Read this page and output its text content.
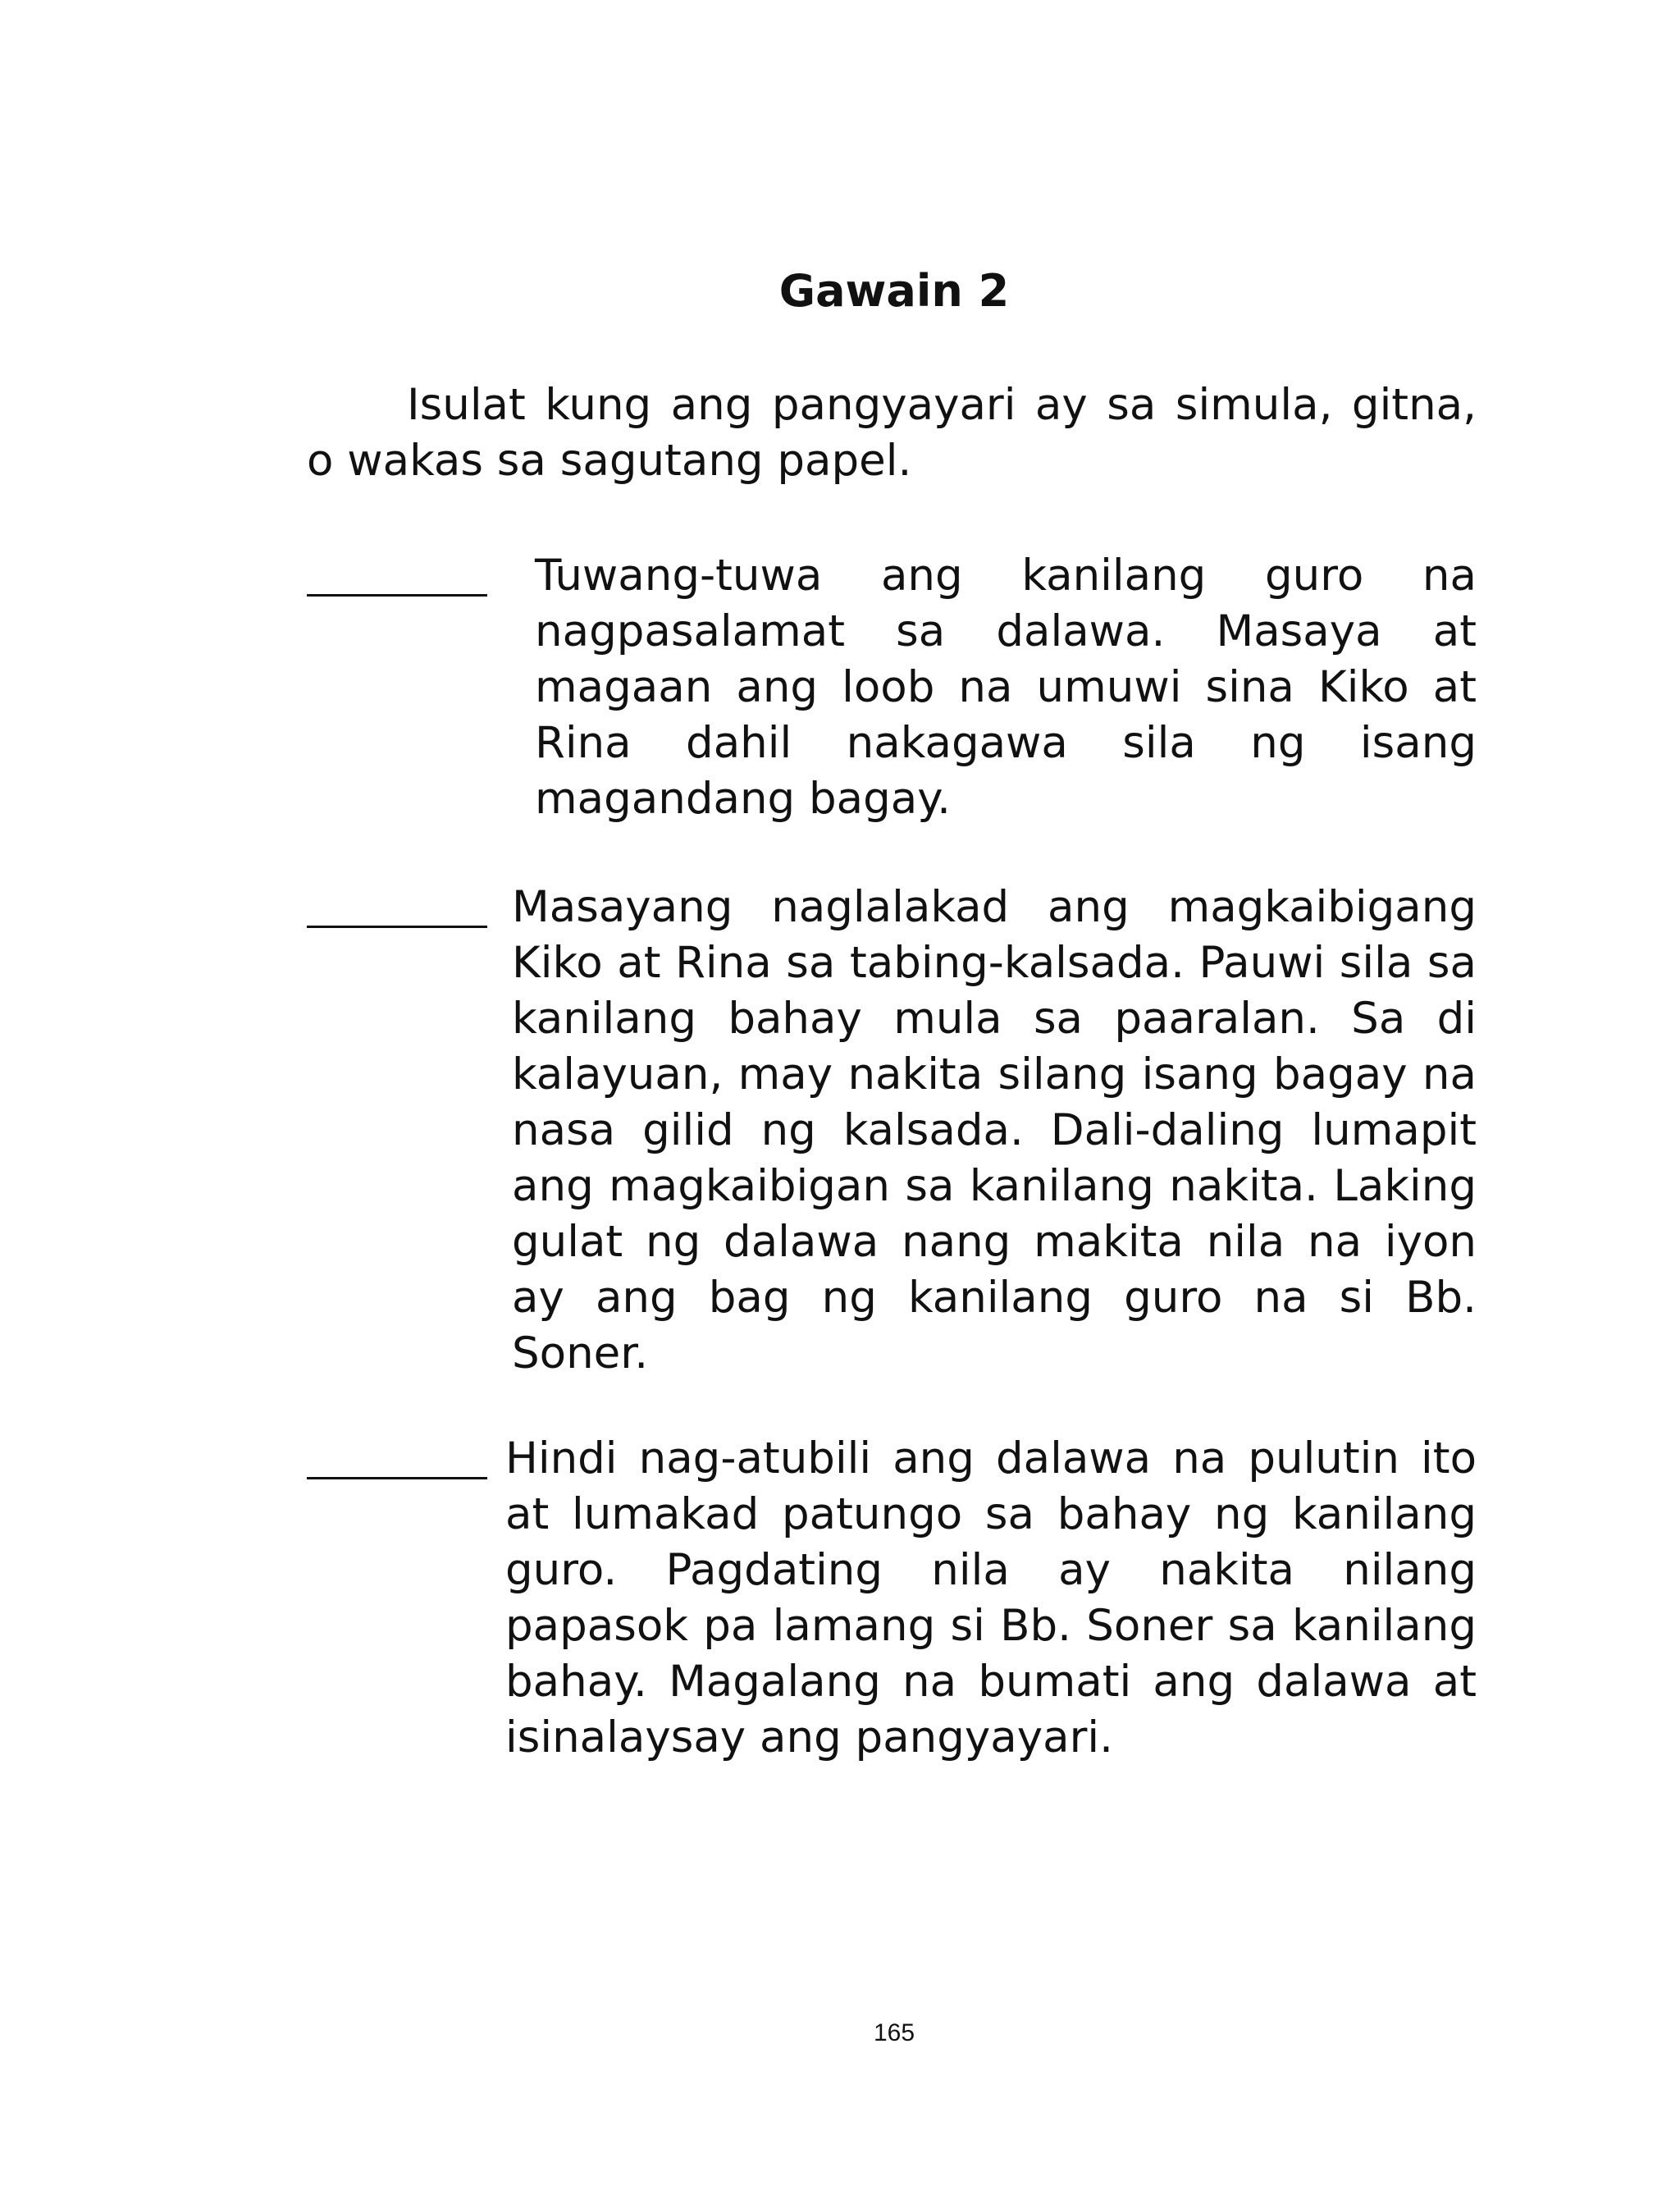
Gawain 2

Isulat kung ang pangyayari ay sa simula, gitna, o wakas sa sagutang papel.

Tuwang-tuwa ang kanilang guro na nagpasalamat sa dalawa. Masaya at magaan ang loob na umuwi sina Kiko at Rina dahil nakagawa sila ng isang magandang bagay.

Masayang naglalakad ang magkaibigang Kiko at Rina sa tabing-kalsada. Pauwi sila sa kanilang bahay mula sa paaralan. Sa di kalayuan, may nakita silang isang bagay na nasa gilid ng kalsada. Dali-daling lumapit ang magkaibigan sa kanilang nakita. Laking gulat ng dalawa nang makita nila na iyon ay ang bag ng kanilang guro na si Bb. Soner.

Hindi nag-atubili ang dalawa na pulutin ito at lumakad patungo sa bahay ng kanilang guro. Pagdating nila ay nakita nilang papasok pa lamang si Bb. Soner sa kanilang bahay. Magalang na bumati ang dalawa at isinalaysay ang pangyayari.

165
